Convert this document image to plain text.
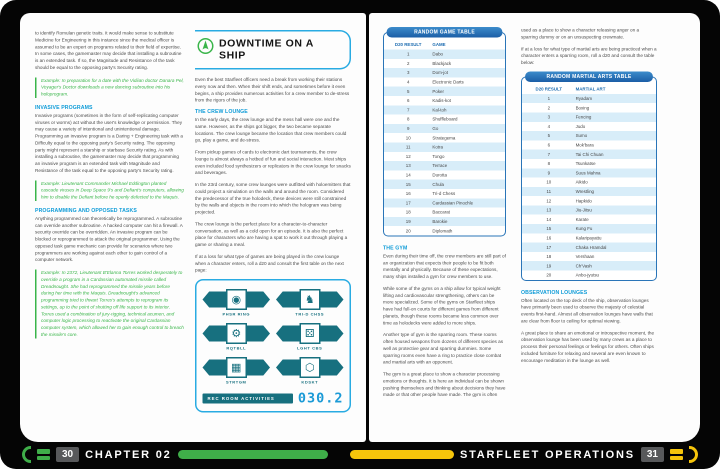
to identify Romulan genetic traits. It would make sense to substitute Medicine for Engineering in this instance since the medical officer is assumed to be an expert on programs related to their field of expertise. In some cases, the gamemaster may decide that installing a subroutine is an extended task. If so, the Magnitude and Resistance of the task should be equal to the opposing party's Security rating.

Example: In preparation for a date with the Vidiian doctor Danara Pel, Voyager's Doctor downloads a new dancing subroutine into his holoprogram.
INVASIVE PROGRAMS

Invasive programs (sometimes in the form of self-replicating computer viruses or worms) act without the user's knowledge or permission. They may cause a variety of intentional and unintentional damage. Programming an invasive program is a Daring + Engineering task with a Difficulty equal to the opposing party's Security rating. The opposing party might represent a starship or starbase Security rating. As with installing a subroutine, the gamemaster may decide that programming an invasive program is an extended task with Magnitude and Resistance of the task equal to the opposing party's Security rating.

Example: Lieutenant Commander Michael Eddington planted cascade viruses in Deep Space 9's and Defiant's computers, allowing him to disable the Defiant before he openly defected to the Maquis.
PROGRAMMING AND OPPOSED TASKS

Anything programmed can theoretically be reprogrammed. A subroutine can override another subroutine. A hacked computer can hit a firewall. A security override can be overridden. An invasive program can be blocked or reprogrammed to attack the original programmer. Using the opposed task game mechanic can provide for scenarios where two programmers are working against each other to gain control of a computer network.

Example: In 2372, Lieutenant B'Elanna Torres worked desperately to override a program in a Cardassian automated missile called Dreadnought. She had reprogrammed the missile years before during her time with the Maquis. Dreadnought's advanced programming tried to thwart Torres's attempts to reprogram its settings, up to the point of shutting off life support to its interior. Torres used a combination of jury-rigging, technical acumen, and computer logic processing to reactivate the original Cardassian computer system, which allowed her to gain enough control to breach the missile's core.
DOWNTIME ON A SHIP

Even the best Starfleet officers need a break from working their stations every now and then. When their shift ends, and sometimes before it even begins, a ship provides numerous activities for a crew member to de-stress from the rigors of the job.

THE CREW LOUNGE

In the early days, the crew lounge and the mess hall were one and the same. However, as the ships got bigger, the two became separate locations. The crew lounge became the location that crew members could go, play a game, and de-stress.

From pickup games of cards to electronic dart tournaments, the crew lounge is almost always a hotbed of fun and social interaction. Most ships even included food synthesizers or replicators in the crew lounge for snacks and beverages.

In the 23rd century, some crew lounges were outfitted with holoemitters that could project a simulation on the walls and around the room. Considered the predecessor of the true holodeck, these devices were still constrained by the walls and objects in the room into which the hologram was being projected.

The crew lounge is the perfect place for a character-to-character conversation, as well as a cold open for an episode. It is also the perfect place for characters who are having a spat to work it out through playing a game or sharing a meal.

If at a loss for what type of games are being played in the crew lounge when a character enters, roll a d20 and consult the first table on the next page:

◉
PHSR RING
♞
TRI-D CHSS
⚙
RQTBLL
⚄
LGHT CBS
▦
STRTGM
⬡
KDSKT
REC ROOM ACTIVITIES 030.2
RANDOM GAME TABLE
D20 RESULT	GAME
1	Dabo
2	Blackjack
3	Dom-jot
4	Electronic Darts
5	Poker
6	Kadis-kot
7	Kal-toh
8	Shuffleboard
9	Go
10	Strategema
11	Kotra
12	Tongo
13	Terrace
14	Durotta
15	Chula
16	Tri-d Chess
17	Cardassian Pinochle
18	Baccarat
19	Barokie
20	Diplomath
THE GYM

Even during their time off, the crew members are still part of an organization that expects their people to be fit both mentally and physically. Because of these expectations, many ships installed a gym for crew members to use.

While some of the gyms on a ship allow for typical weight lifting and cardiovascular strengthening, others can be more specialized. Some of the gyms on Starfleet ships have had full-on courts for different games from different planets, though these rooms became less common over time as holodecks were added to more ships.

Another type of gym is the sparring room. These rooms often housed weapons from dozens of different species as well as protective gear and sparring dummies. Some sparring rooms even have a ring to practice close combat and martial arts with an opponent.

The gym is a great place to show a character processing emotions or thoughts. It is here an individual can be shown pushing themselves and thinking about decisions they have made or that other people have made. The gym is often

used as a place to show a character releasing anger on a sparring dummy or on an unsuspecting crewmate.

If at a loss for what type of martial arts are being practiced when a character enters a sparring room, roll a d20 and consult the table below:

RANDOM MARTIAL ARTS TABLE
D20 RESULT	MARTIAL ART
1	Ryadam
2	Boxing
3	Fencing
4	Judo
5	Sumo
6	Mok'bara
7	Tai Chi Chuan
8	Tsunkatse
9	Suus Mahna
10	Aikido
11	Wrestling
12	Hapkido
13	Jiu-Jitsu
14	Karate
15	Kung Fu
16	Kalaripayattu
17	Chaka Hramdal
18	Vershaan
19	Ch'Vash
20	Anbo-jyutsu
OBSERVATION LOUNGES

Often located on the top deck of the ship, observation lounges have primarily been used to observe the majesty of celestial events first-hand. Almost all observation lounges have walls that are clear from floor to ceiling for optimal viewing.

A great place to share an emotional or introspective moment, the observation lounge has been used by many crews as a place to process their personal feelings or feelings for others. Often ships included furniture for relaxing and several are even known to encourage meditation in the lounge as well.

30	CHAPTER 02	STARFLEET OPERATIONS	31
